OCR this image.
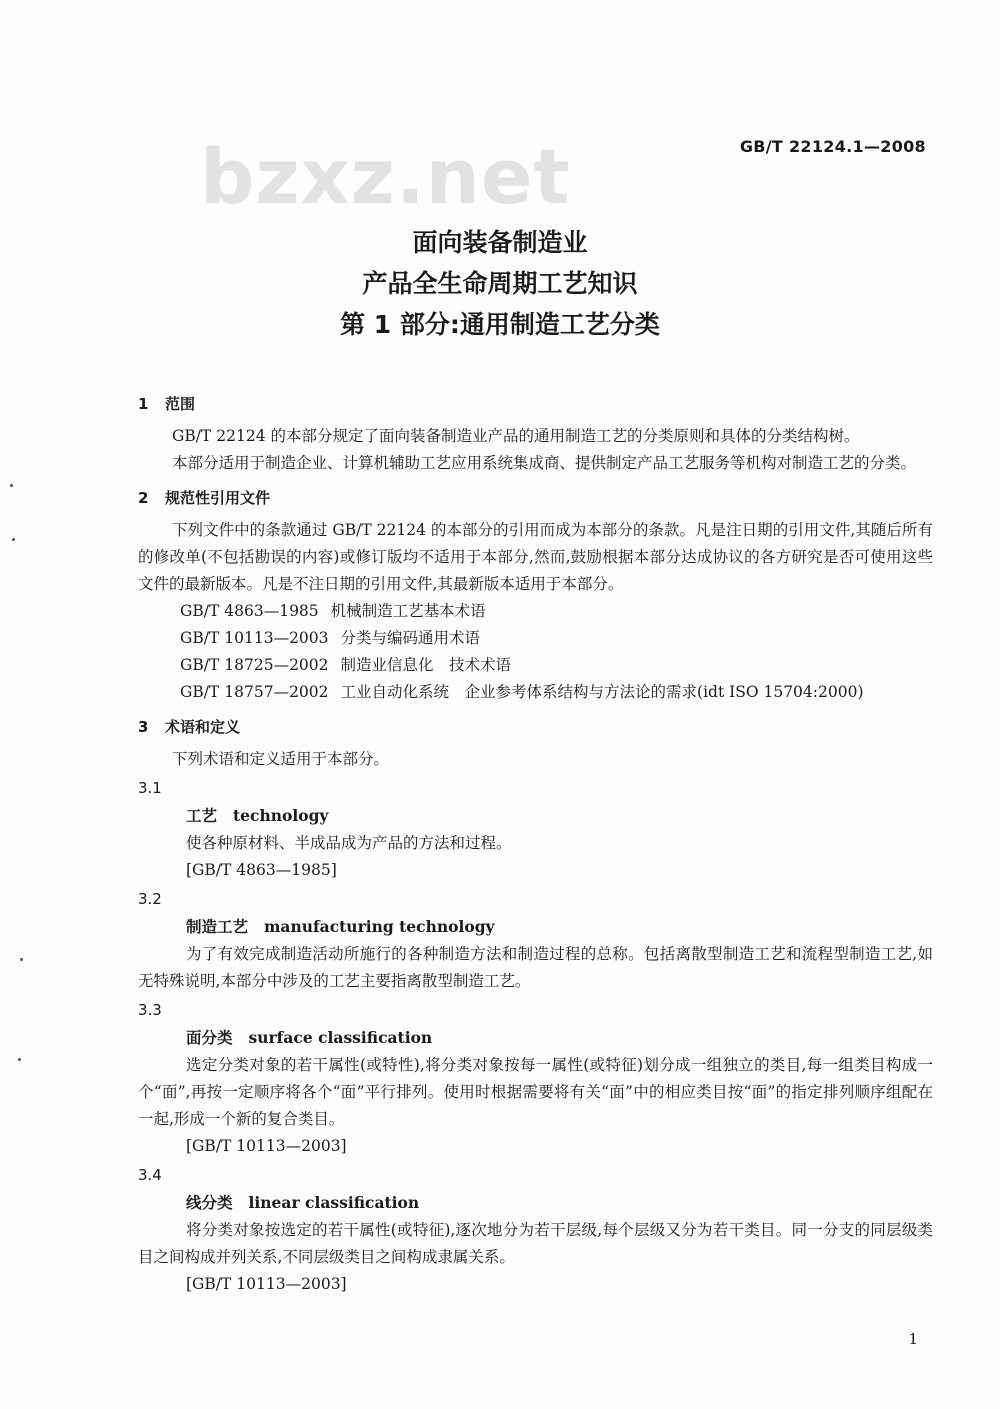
bzxz.net	GB/T 22124.1—2008
面向装备制造业
产品全生命周期工艺知识
第 1 部分:通用制造工艺分类
1 范围
GB/T 22124 的本部分规定了面向装备制造业产品的通用制造工艺的分类原则和具体的分类结构树。
本部分适用于制造企业、计算机辅助工艺应用系统集成商、提供制定产品工艺服务等机构对制造工艺的分类。
2 规范性引用文件
下列文件中的条款通过 GB/T 22124 的本部分的引用而成为本部分的条款。凡是注日期的引用文件,其随后所有的修改单(不包括勘误的内容)或修订版均不适用于本部分,然而,鼓励根据本部分达成协议的各方研究是否可使用这些文件的最新版本。凡是不注日期的引用文件,其最新版本适用于本部分。
GB/T 4863—1985 机械制造工艺基本术语
GB/T 10113—2003 分类与编码通用术语
GB/T 18725—2002 制造业信息化　技术术语
GB/T 18757—2002 工业自动化系统　企业参考体系结构与方法论的需求(idt ISO 15704:2000)
3 术语和定义
下列术语和定义适用于本部分。
3.1
工艺 technology
使各种原材料、半成品成为产品的方法和过程。
[GB/T 4863—1985]
3.2
制造工艺 manufacturing technology
为了有效完成制造活动所施行的各种制造方法和制造过程的总称。包括离散型制造工艺和流程型制造工艺,如无特殊说明,本部分中涉及的工艺主要指离散型制造工艺。
3.3
面分类 surface classification
选定分类对象的若干属性(或特性),将分类对象按每一属性(或特征)划分成一组独立的类目,每一组类目构成一个“面”,再按一定顺序将各个“面”平行排列。使用时根据需要将有关“面”中的相应类目按“面”的指定排列顺序组配在一起,形成一个新的复合类目。
[GB/T 10113—2003]
3.4
线分类 linear classification
将分类对象按选定的若干属性(或特征),逐次地分为若干层级,每个层级又分为若干类目。同一分支的同层级类目之间构成并列关系,不同层级类目之间构成隶属关系。
[GB/T 10113—2003]
1
